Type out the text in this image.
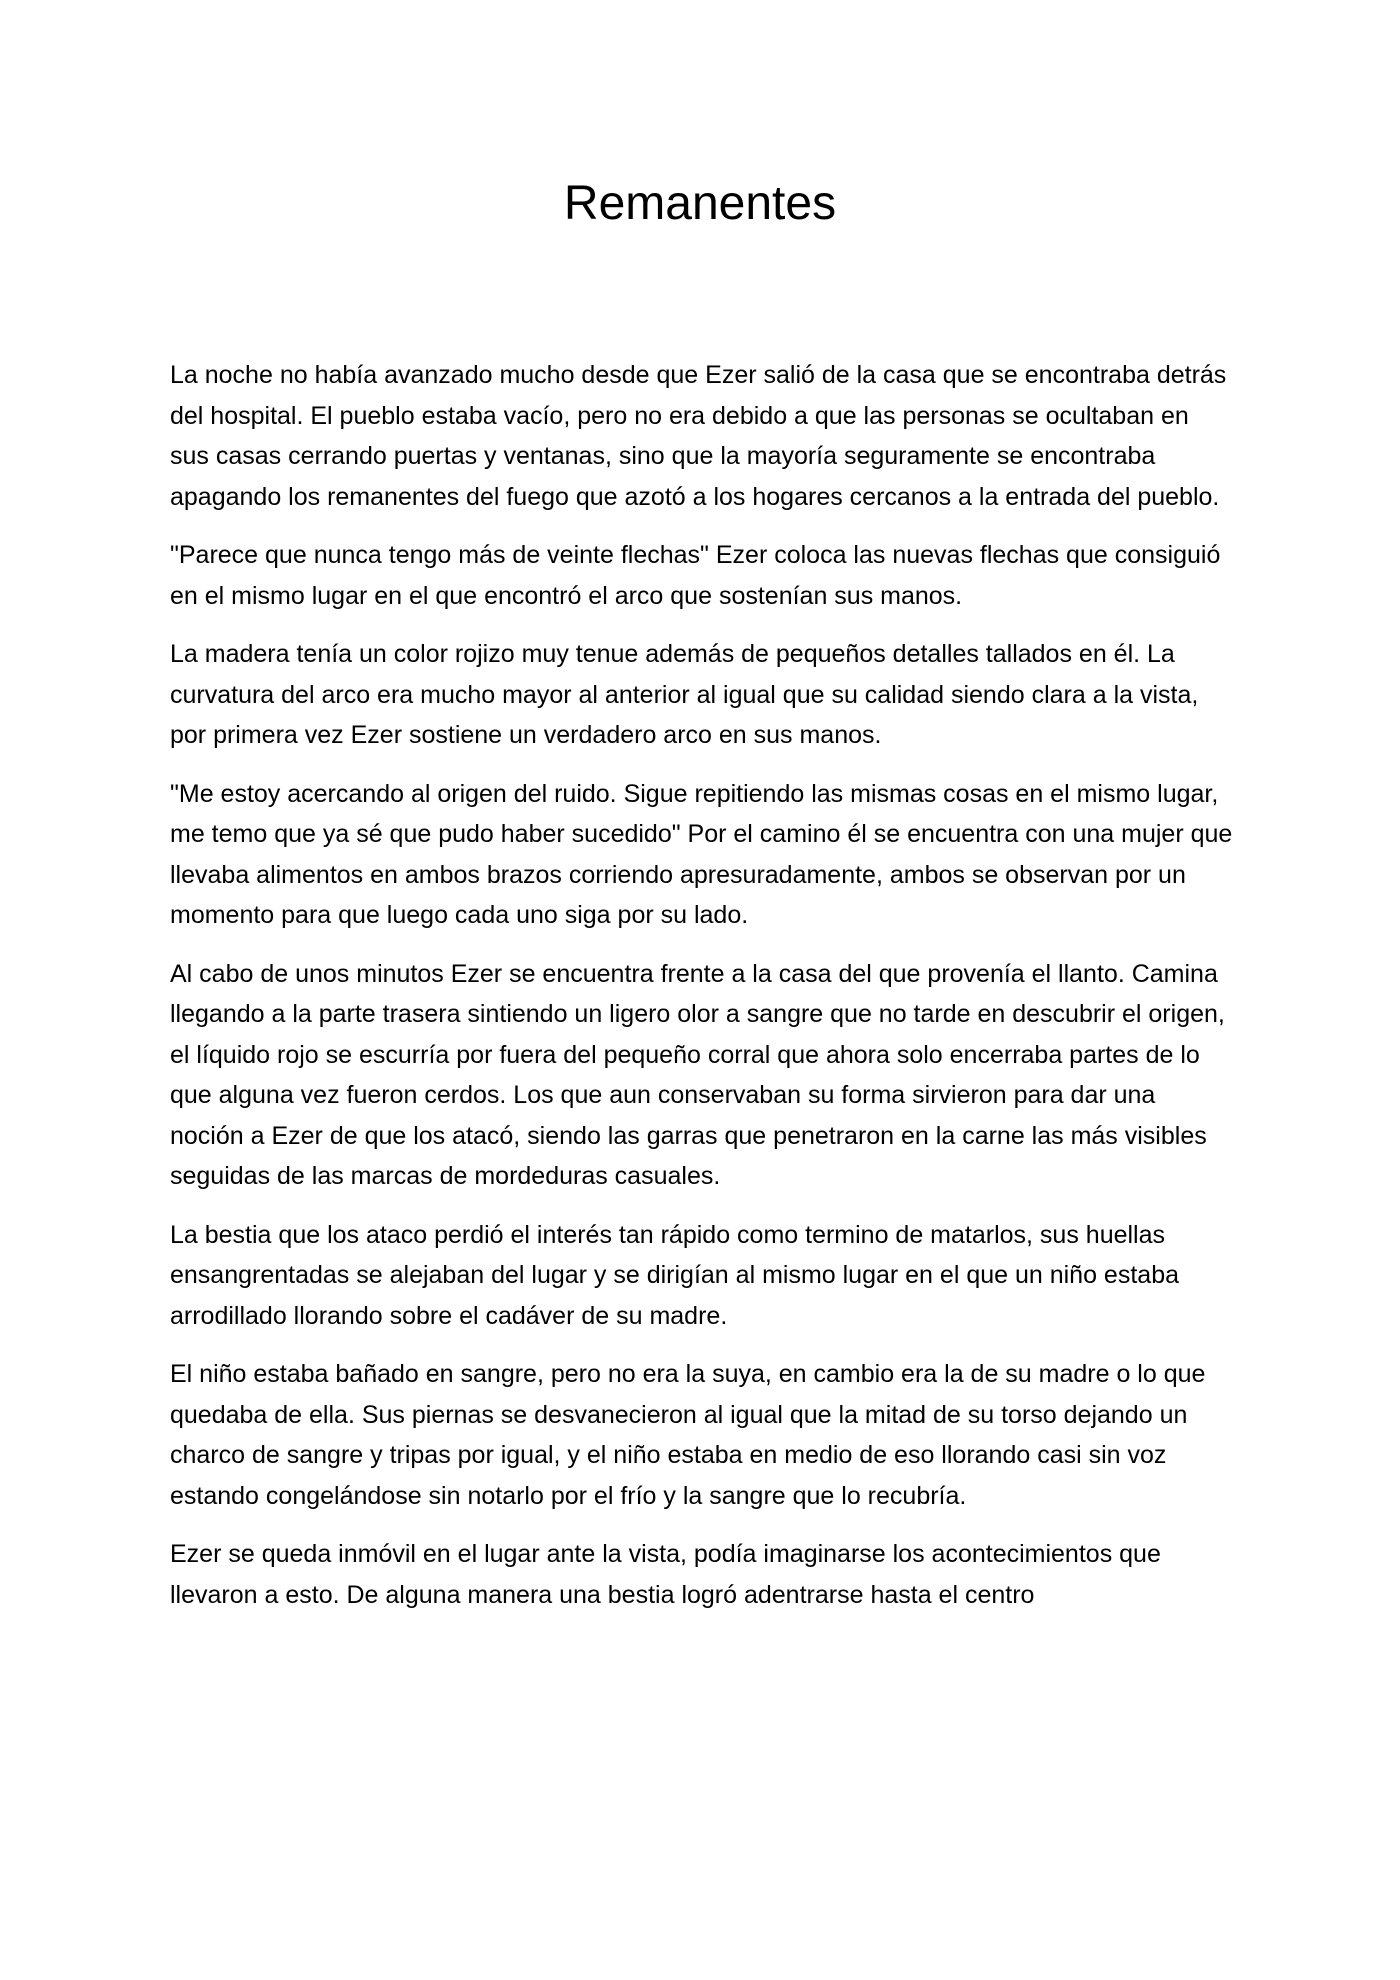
Remanentes

La noche no había avanzado mucho desde que Ezer salió de la casa que se encontraba detrás del hospital. El pueblo estaba vacío, pero no era debido a que las personas se ocultaban en sus casas cerrando puertas y ventanas, sino que la mayoría seguramente se encontraba apagando los remanentes del fuego que azotó a los hogares cercanos a la entrada del pueblo.

"Parece que nunca tengo más de veinte flechas" Ezer coloca las nuevas flechas que consiguió en el mismo lugar en el que encontró el arco que sostenían sus manos.

La madera tenía un color rojizo muy tenue además de pequeños detalles tallados en él. La curvatura del arco era mucho mayor al anterior al igual que su calidad siendo clara a la vista, por primera vez Ezer sostiene un verdadero arco en sus manos.

"Me estoy acercando al origen del ruido. Sigue repitiendo las mismas cosas en el mismo lugar, me temo que ya sé que pudo haber sucedido" Por el camino él se encuentra con una mujer que llevaba alimentos en ambos brazos corriendo apresuradamente, ambos se observan por un momento para que luego cada uno siga por su lado.

Al cabo de unos minutos Ezer se encuentra frente a la casa del que provenía el llanto. Camina llegando a la parte trasera sintiendo un ligero olor a sangre que no tarde en descubrir el origen, el líquido rojo se escurría por fuera del pequeño corral que ahora solo encerraba partes de lo que alguna vez fueron cerdos. Los que aun conservaban su forma sirvieron para dar una noción a Ezer de que los atacó, siendo las garras que penetraron en la carne las más visibles seguidas de las marcas de mordeduras casuales.

La bestia que los ataco perdió el interés tan rápido como termino de matarlos, sus huellas ensangrentadas se alejaban del lugar y se dirigían al mismo lugar en el que un niño estaba arrodillado llorando sobre el cadáver de su madre.

El niño estaba bañado en sangre, pero no era la suya, en cambio era la de su madre o lo que quedaba de ella. Sus piernas se desvanecieron al igual que la mitad de su torso dejando un charco de sangre y tripas por igual, y el niño estaba en medio de eso llorando casi sin voz estando congelándose sin notarlo por el frío y la sangre que lo recubría.

Ezer se queda inmóvil en el lugar ante la vista, podía imaginarse los acontecimientos que llevaron a esto. De alguna manera una bestia logró adentrarse hasta el centro
